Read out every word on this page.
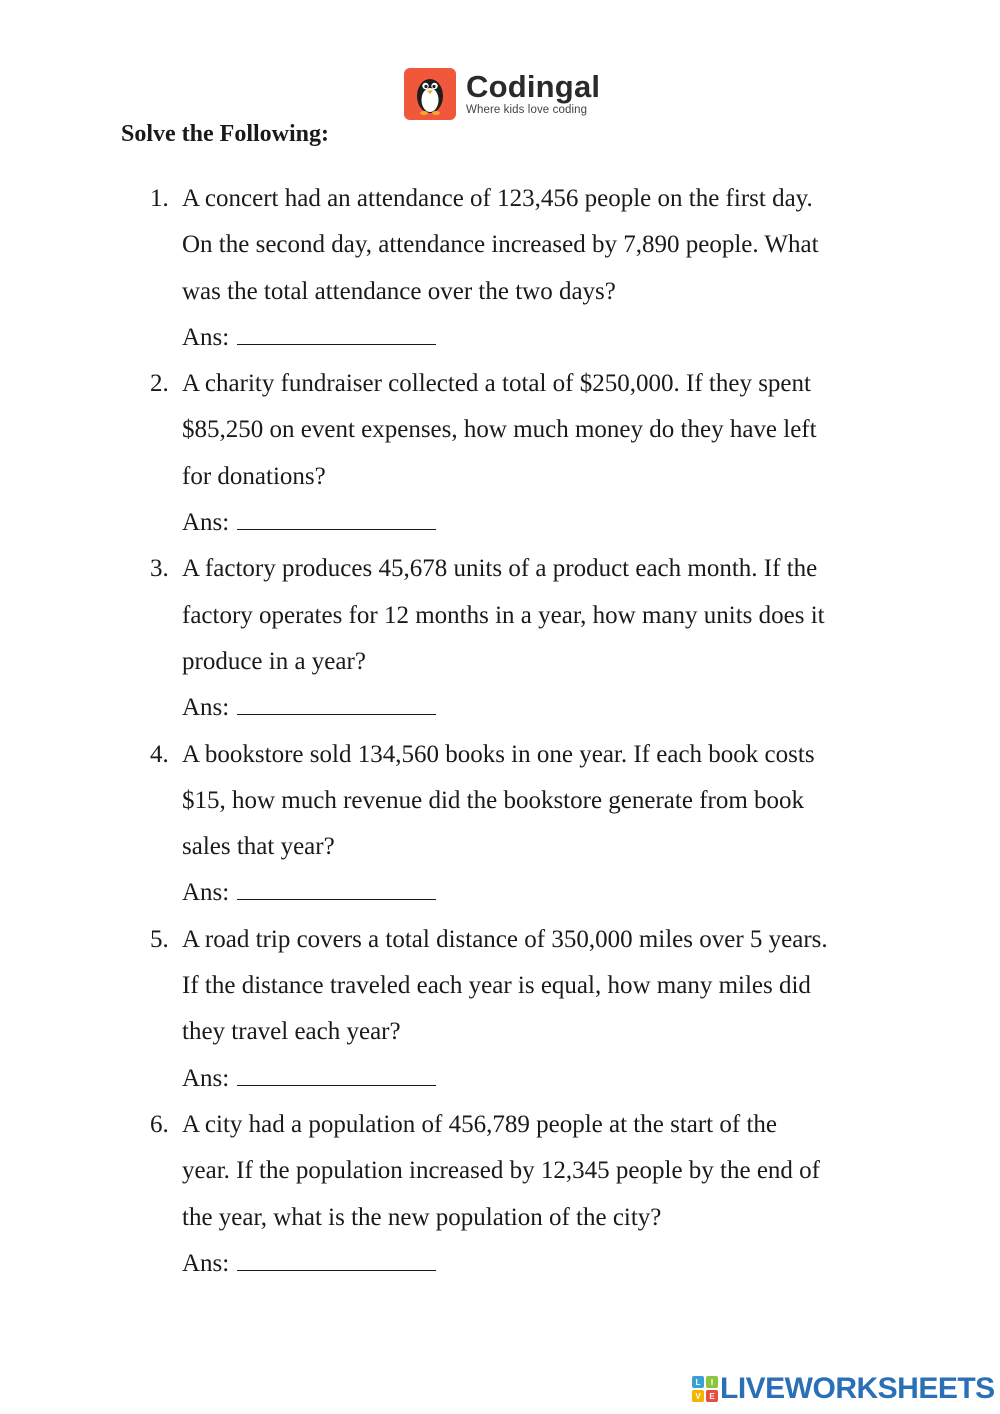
Codingal
Where kids love coding
Solve the Following:
1. A concert had an attendance of 123,456 people on the first day.
On the second day, attendance increased by 7,890 people. What
was the total attendance over the two days?
Ans:
2. A charity fundraiser collected a total of $250,000. If they spent
$85,250 on event expenses, how much money do they have left
for donations?
Ans:
3. A factory produces 45,678 units of a product each month. If the
factory operates for 12 months in a year, how many units does it
produce in a year?
Ans:
4. A bookstore sold 134,560 books in one year. If each book costs
$15, how much revenue did the bookstore generate from book
sales that year?
Ans:
5. A road trip covers a total distance of 350,000 miles over 5 years.
If the distance traveled each year is equal, how many miles did
they travel each year?
Ans:
6. A city had a population of 456,789 people at the start of the
year. If the population increased by 12,345 people by the end of
the year, what is the new population of the city?
Ans:
L	I
V	E LIVEWORKSHEETS
